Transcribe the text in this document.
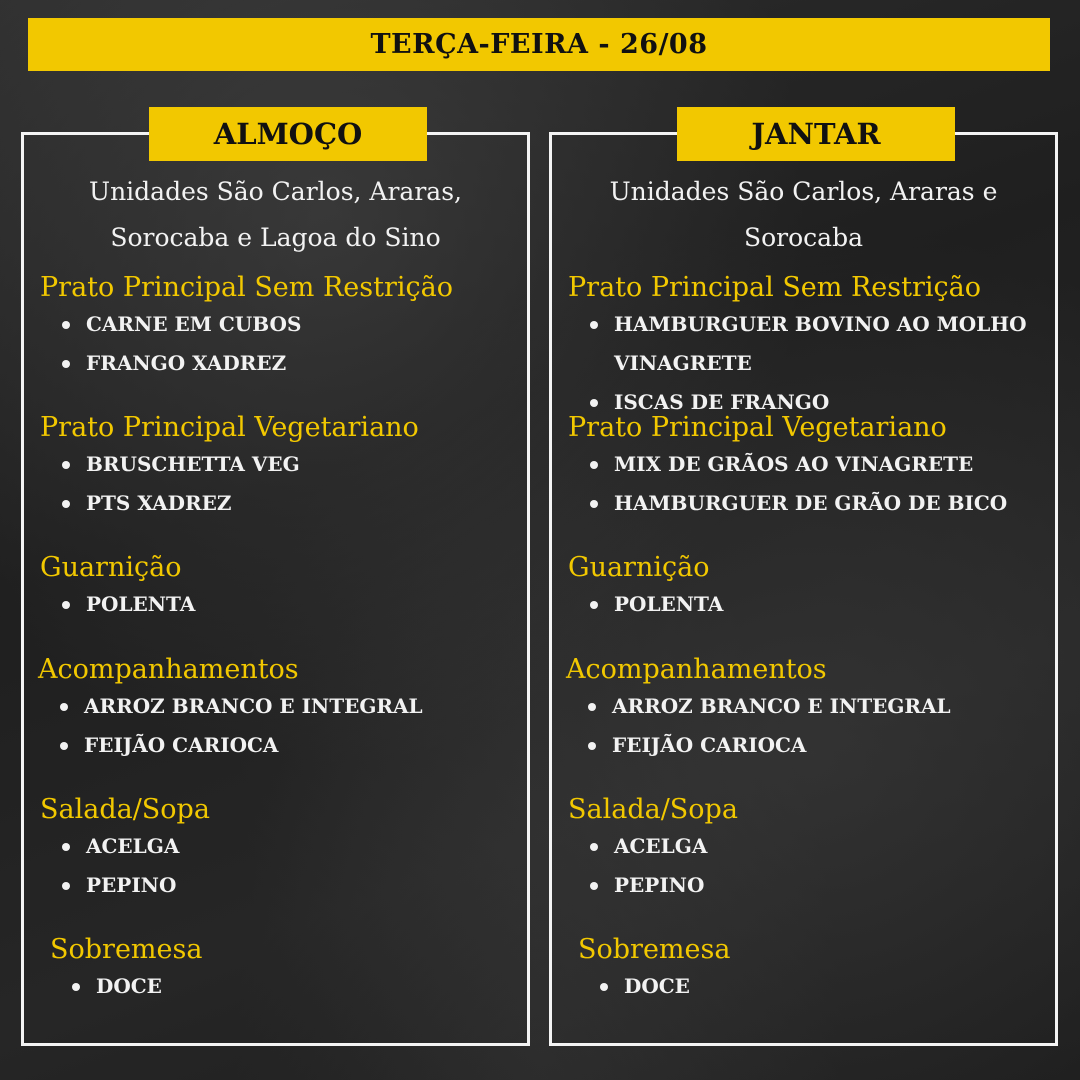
TERÇA-FEIRA - 26/08
ALMOÇO
Unidades São Carlos, Araras, Sorocaba e Lagoa do Sino
Prato Principal Sem Restrição
CARNE EM CUBOS
FRANGO XADREZ
Prato Principal Vegetariano
BRUSCHETTA VEG
PTS XADREZ
Guarnição
POLENTA
Acompanhamentos
ARROZ BRANCO E INTEGRAL
FEIJÃO CARIOCA
Salada/Sopa
ACELGA
PEPINO
Sobremesa
DOCE
JANTAR
Unidades São Carlos, Araras e Sorocaba
Prato Principal Sem Restrição
HAMBURGUER BOVINO AO MOLHO VINAGRETE
ISCAS DE FRANGO
Prato Principal Vegetariano
MIX DE GRÃOS AO VINAGRETE
HAMBURGUER DE GRÃO DE BICO
Guarnição
POLENTA
Acompanhamentos
ARROZ BRANCO E INTEGRAL
FEIJÃO CARIOCA
Salada/Sopa
ACELGA
PEPINO
Sobremesa
DOCE
